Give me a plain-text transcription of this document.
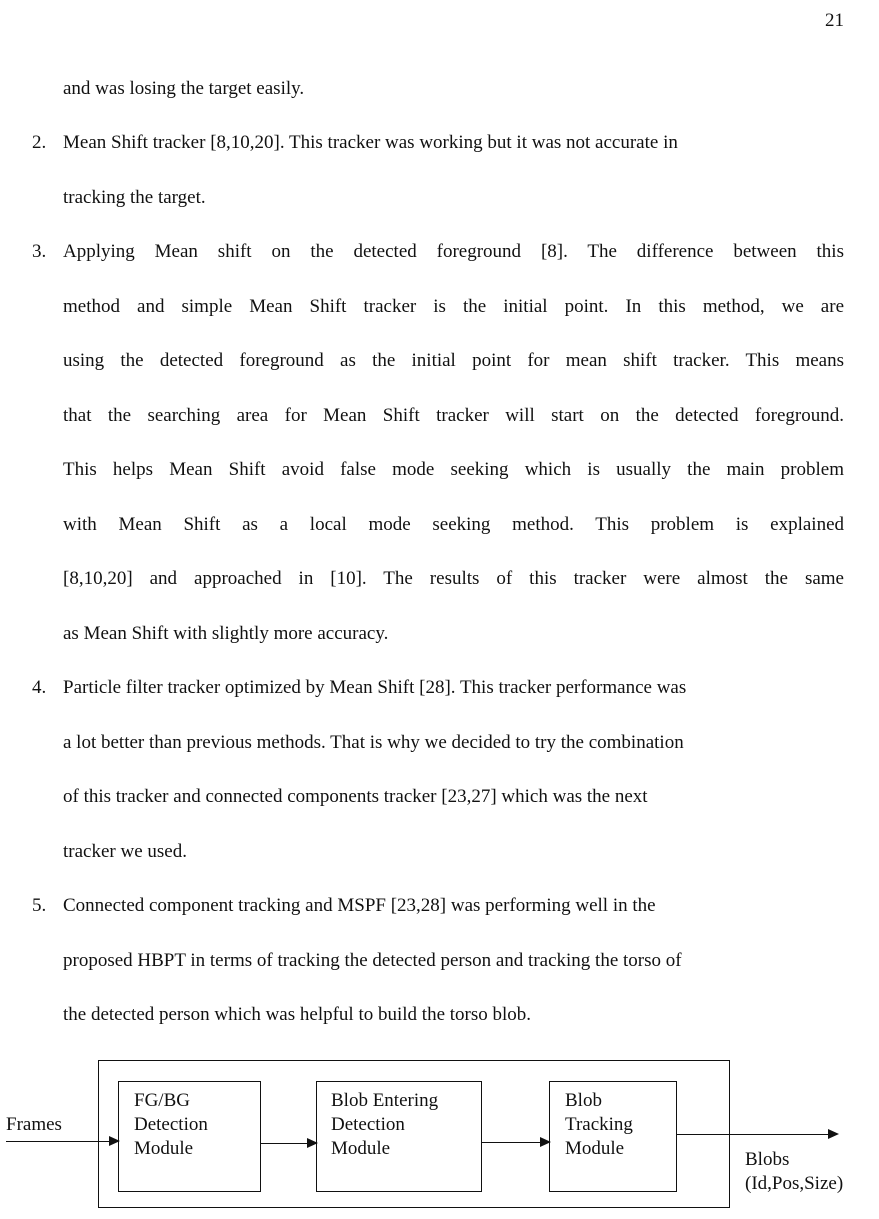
21
and was losing the target easily.
2. Mean Shift tracker [8,10,20]. This tracker was working but it was not accurate in
tracking the target.
3. Applying Mean shift on the detected foreground [8]. The difference between this
method and simple Mean Shift tracker is the initial point. In this method, we are
using the detected foreground as the initial point for mean shift tracker. This means
that the searching area for Mean Shift tracker will start on the detected foreground.
This helps Mean Shift avoid false mode seeking which is usually the main problem
with Mean Shift as a local mode seeking method. This problem is explained
[8,10,20] and approached in [10]. The results of this tracker were almost the same
as Mean Shift with slightly more accuracy.
4. Particle filter tracker optimized by Mean Shift [28]. This tracker performance was
a lot better than previous methods. That is why we decided to try the combination
of this tracker and connected components tracker [23,27] which was the next
tracker we used.
5. Connected component tracking and MSPF [23,28] was performing well in the
proposed HBPT in terms of tracking the detected person and tracking the torso of
the detected person which was helpful to build the torso blob.
Frames
FG/BG
Detection
Module
Blob Entering
Detection
Module
Blob
Tracking
Module
Blobs
(Id,Pos,Size)
